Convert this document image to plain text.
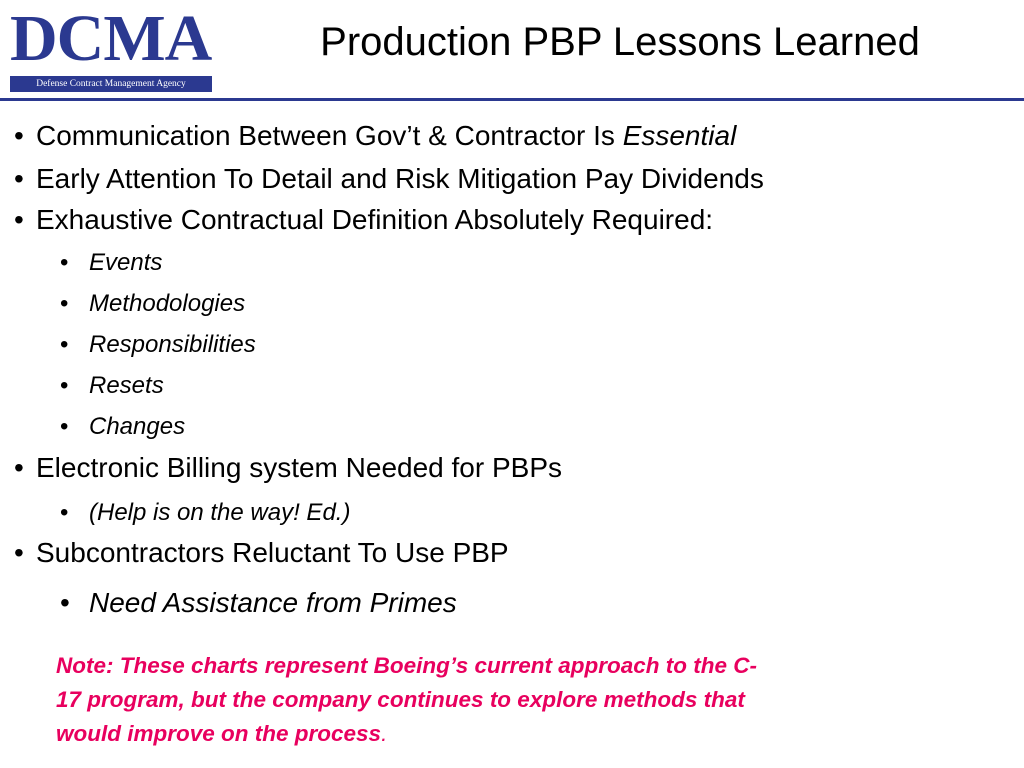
DCMA
Defense Contract Management Agency
Production PBP Lessons Learned
• Communication Between Gov’t & Contractor Is Essential
• Early Attention To Detail and Risk Mitigation Pay Dividends
• Exhaustive Contractual Definition Absolutely Required:
• Events
• Methodologies
• Responsibilities
• Resets
• Changes
• Electronic Billing system Needed for PBPs
• (Help is on the way! Ed.)
• Subcontractors Reluctant To Use PBP
• Need Assistance from Primes
Note: These charts represent Boeing’s current approach to the C-
17 program, but the company continues to explore methods that
would improve on the process.
